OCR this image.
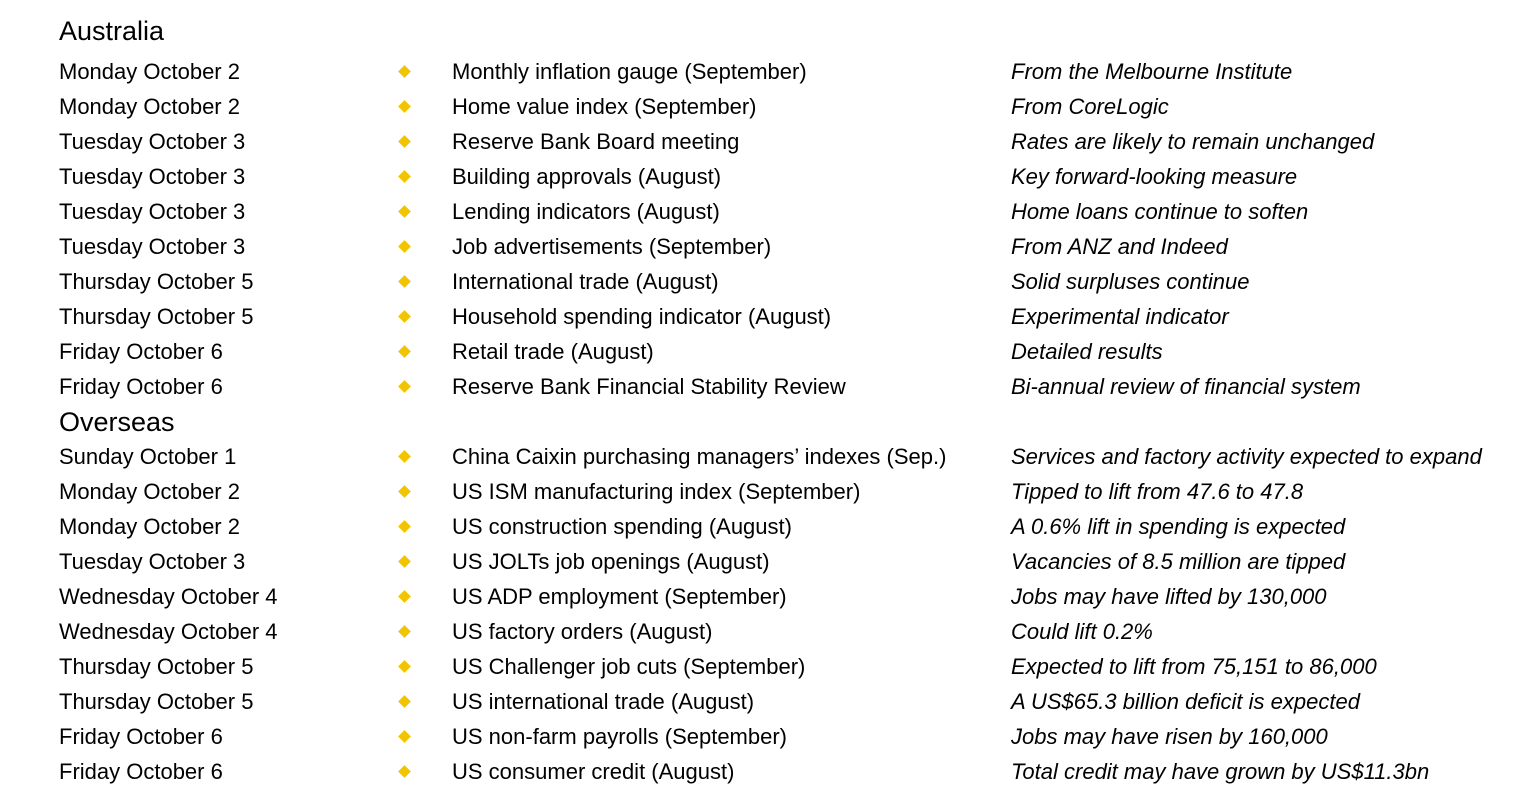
Australia
Monday October 2	Monthly inflation gauge (September)	From the Melbourne Institute
Monday October 2	Home value index (September)	From CoreLogic
Tuesday October 3	Reserve Bank Board meeting	Rates are likely to remain unchanged
Tuesday October 3	Building approvals (August)	Key forward-looking measure
Tuesday October 3	Lending indicators (August)	Home loans continue to soften
Tuesday October 3	Job advertisements (September)	From ANZ and Indeed
Thursday October 5	International trade (August)	Solid surpluses continue
Thursday October 5	Household spending indicator (August)	Experimental indicator
Friday October 6	Retail trade (August)	Detailed results
Friday October 6	Reserve Bank Financial Stability Review	Bi-annual review of financial system
Overseas
Sunday October 1	China Caixin purchasing managers’ indexes (Sep.)	Services and factory activity expected to expand
Monday October 2	US ISM manufacturing index (September)	Tipped to lift from 47.6 to 47.8
Monday October 2	US construction spending (August)	A 0.6% lift in spending is expected
Tuesday October 3	US JOLTs job openings (August)	Vacancies of 8.5 million are tipped
Wednesday October 4	US ADP employment (September)	Jobs may have lifted by 130,000
Wednesday October 4	US factory orders (August)	Could lift 0.2%
Thursday October 5	US Challenger job cuts (September)	Expected to lift from 75,151 to 86,000
Thursday October 5	US international trade (August)	A US$65.3 billion deficit is expected
Friday October 6	US non-farm payrolls (September)	Jobs may have risen by 160,000
Friday October 6	US consumer credit (August)	Total credit may have grown by US$11.3bn
